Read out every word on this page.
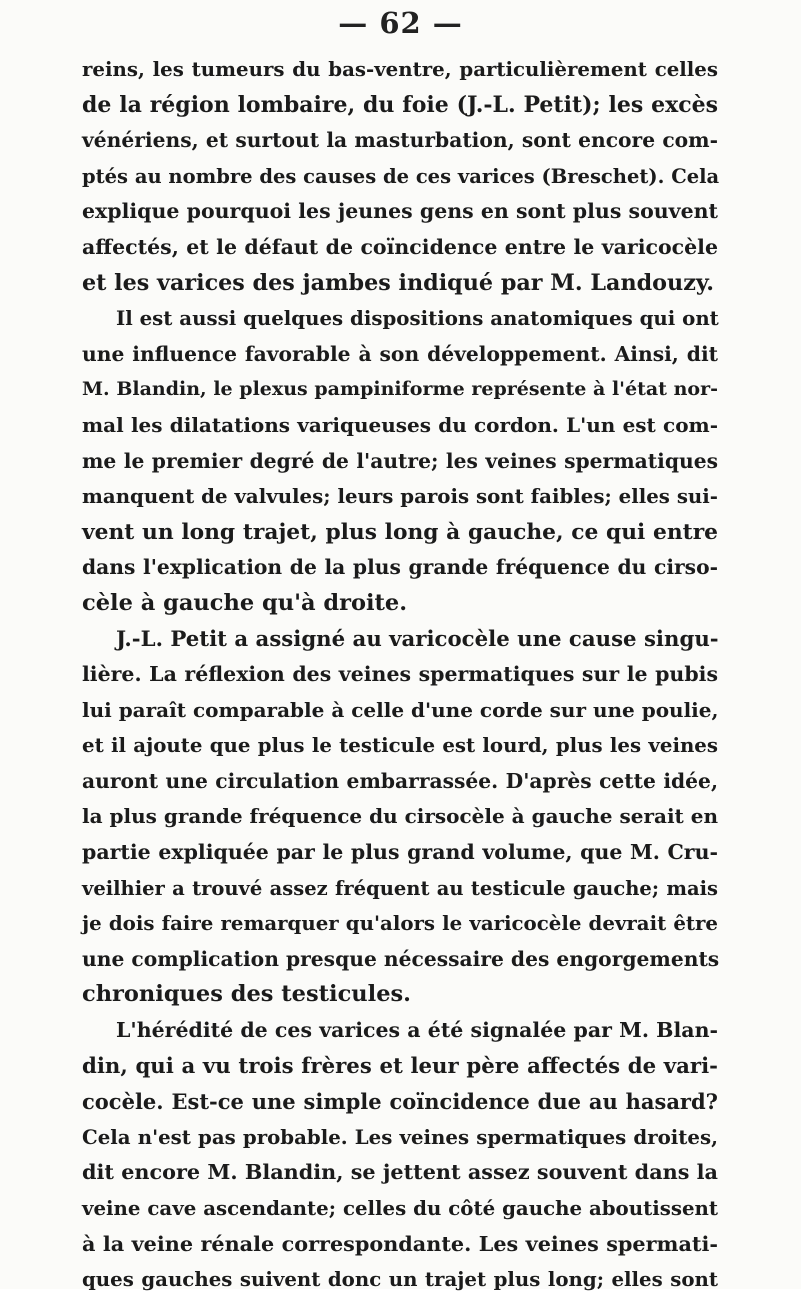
— 62 —
reins, les tumeurs du bas-ventre, particulièrement celles
de la région lombaire, du foie (J.-L. Petit); les excès
vénériens, et surtout la masturbation, sont encore com-
ptés au nombre des causes de ces varices (Breschet). Cela
explique pourquoi les jeunes gens en sont plus souvent
affectés, et le défaut de coïncidence entre le varicocèle
et les varices des jambes indiqué par M. Landouzy.
Il est aussi quelques dispositions anatomiques qui ont
une influence favorable à son développement. Ainsi, dit
M. Blandin, le plexus pampiniforme représente à l'état nor-
mal les dilatations variqueuses du cordon. L'un est com-
me le premier degré de l'autre; les veines spermatiques
manquent de valvules; leurs parois sont faibles; elles sui-
vent un long trajet, plus long à gauche, ce qui entre
dans l'explication de la plus grande fréquence du cirso-
cèle à gauche qu'à droite.
J.-L. Petit a assigné au varicocèle une cause singu-
lière. La réflexion des veines spermatiques sur le pubis
lui paraît comparable à celle d'une corde sur une poulie,
et il ajoute que plus le testicule est lourd, plus les veines
auront une circulation embarrassée. D'après cette idée,
la plus grande fréquence du cirsocèle à gauche serait en
partie expliquée par le plus grand volume, que M. Cru-
veilhier a trouvé assez fréquent au testicule gauche; mais
je dois faire remarquer qu'alors le varicocèle devrait être
une complication presque nécessaire des engorgements
chroniques des testicules.
L'hérédité de ces varices a été signalée par M. Blan-
din, qui a vu trois frères et leur père affectés de vari-
cocèle. Est-ce une simple coïncidence due au hasard?
Cela n'est pas probable. Les veines spermatiques droites,
dit encore M. Blandin, se jettent assez souvent dans la
veine cave ascendante; celles du côté gauche aboutissent
à la veine rénale correspondante. Les veines spermati-
ques gauches suivent donc un trajet plus long; elles sont
